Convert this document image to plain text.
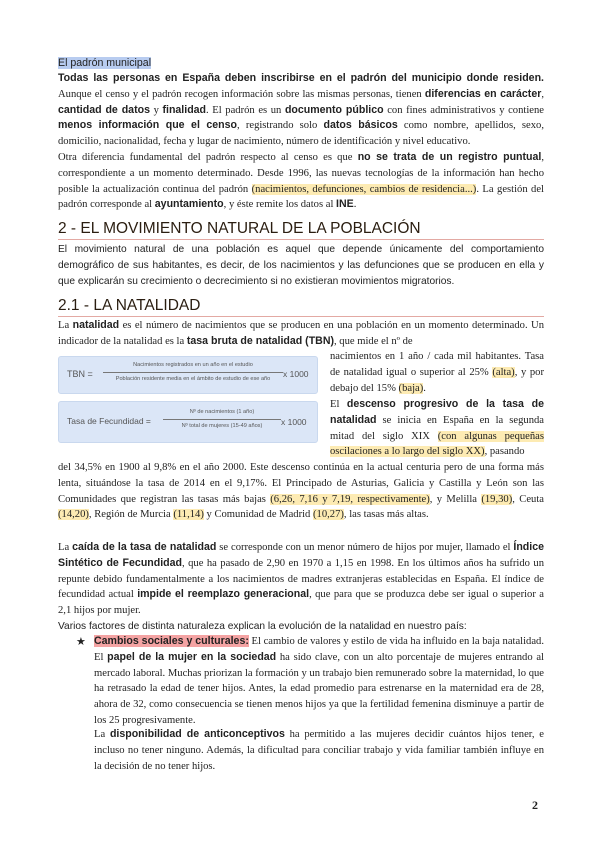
El padrón municipal
Todas las personas en España deben inscribirse en el padrón del municipio donde residen. Aunque el censo y el padrón recogen información sobre las mismas personas, tienen diferencias en carácter, cantidad de datos y finalidad. El padrón es un documento público con fines administrativos y contiene menos información que el censo, registrando solo datos básicos como nombre, apellidos, sexo, domicilio, nacionalidad, fecha y lugar de nacimiento, número de identificación y nivel educativo.
Otra diferencia fundamental del padrón respecto al censo es que no se trata de un registro puntual, correspondiente a un momento determinado. Desde 1996, las nuevas tecnologías de la información han hecho posible la actualización continua del padrón (nacimientos, defunciones, cambios de residencia...). La gestión del padrón corresponde al ayuntamiento, y éste remite los datos al INE.
2 - EL MOVIMIENTO NATURAL DE LA POBLACIÓN
El movimiento natural de una población es aquel que depende únicamente del comportamiento demográfico de sus habitantes, es decir, de los nacimientos y las defunciones que se producen en ella y que explicarán su crecimiento o decrecimiento si no existieran movimientos migratorios.
2.1 - LA NATALIDAD
La natalidad es el número de nacimientos que se producen en una población en un momento determinado. Un indicador de la natalidad es la tasa bruta de natalidad (TBN), que mide el nº de
TBN =
Nacimientos registrados en un año en el estudio
Población residente media en el ámbito de estudio de ese año	x 1000
Tasa de Fecundidad =
Nº de nacimientos (1 año)
Nº total de mujeres (15-49 años)	x 1000
nacimientos en 1 año / cada mil habitantes. Tasa de natalidad igual o superior al 25% (alta), y por debajo del 15% (baja).
El descenso progresivo de la tasa de natalidad se inicia en España en la segunda mitad del siglo XIX (con algunas pequeñas oscilaciones a lo largo del siglo XX), pasando
del 34,5% en 1900 al 9,8% en el año 2000. Este descenso continúa en la actual centuria pero de una forma más lenta, situándose la tasa de 2014 en el 9,17%. El Principado de Asturias, Galicia y Castilla y León son las Comunidades que registran las tasas más bajas (6,26, 7,16 y 7,19, respectivamente), y Melilla (19,30), Ceuta (14,20), Región de Murcia (11,14) y Comunidad de Madrid (10,27), las tasas más altas.
La caída de la tasa de natalidad se corresponde con un menor número de hijos por mujer, llamado el Índice Sintético de Fecundidad, que ha pasado de 2,90 en 1970 a 1,15 en 1998. En los últimos años ha sufrido un repunte debido fundamentalmente a los nacimientos de madres extranjeras establecidas en España. El índice de fecundidad actual impide el reemplazo generacional, que para que se produzca debe ser igual o superior a 2,1 hijos por mujer.
Varios factores de distinta naturaleza explican la evolución de la natalidad en nuestro país:
★ Cambios sociales y culturales: El cambio de valores y estilo de vida ha influido en la baja natalidad. El papel de la mujer en la sociedad ha sido clave, con un alto porcentaje de mujeres entrando al mercado laboral. Muchas priorizan la formación y un trabajo bien remunerado sobre la maternidad, lo que ha retrasado la edad de tener hijos. Antes, la edad promedio para estrenarse en la maternidad era de 28, ahora de 32, como consecuencia se tienen menos hijos ya que la fertilidad femenina disminuye a partir de los 25 progresivamente.
La disponibilidad de anticonceptivos ha permitido a las mujeres decidir cuántos hijos tener, e incluso no tener ninguno. Además, la dificultad para conciliar trabajo y vida familiar también influye en la decisión de no tener hijos.
2
